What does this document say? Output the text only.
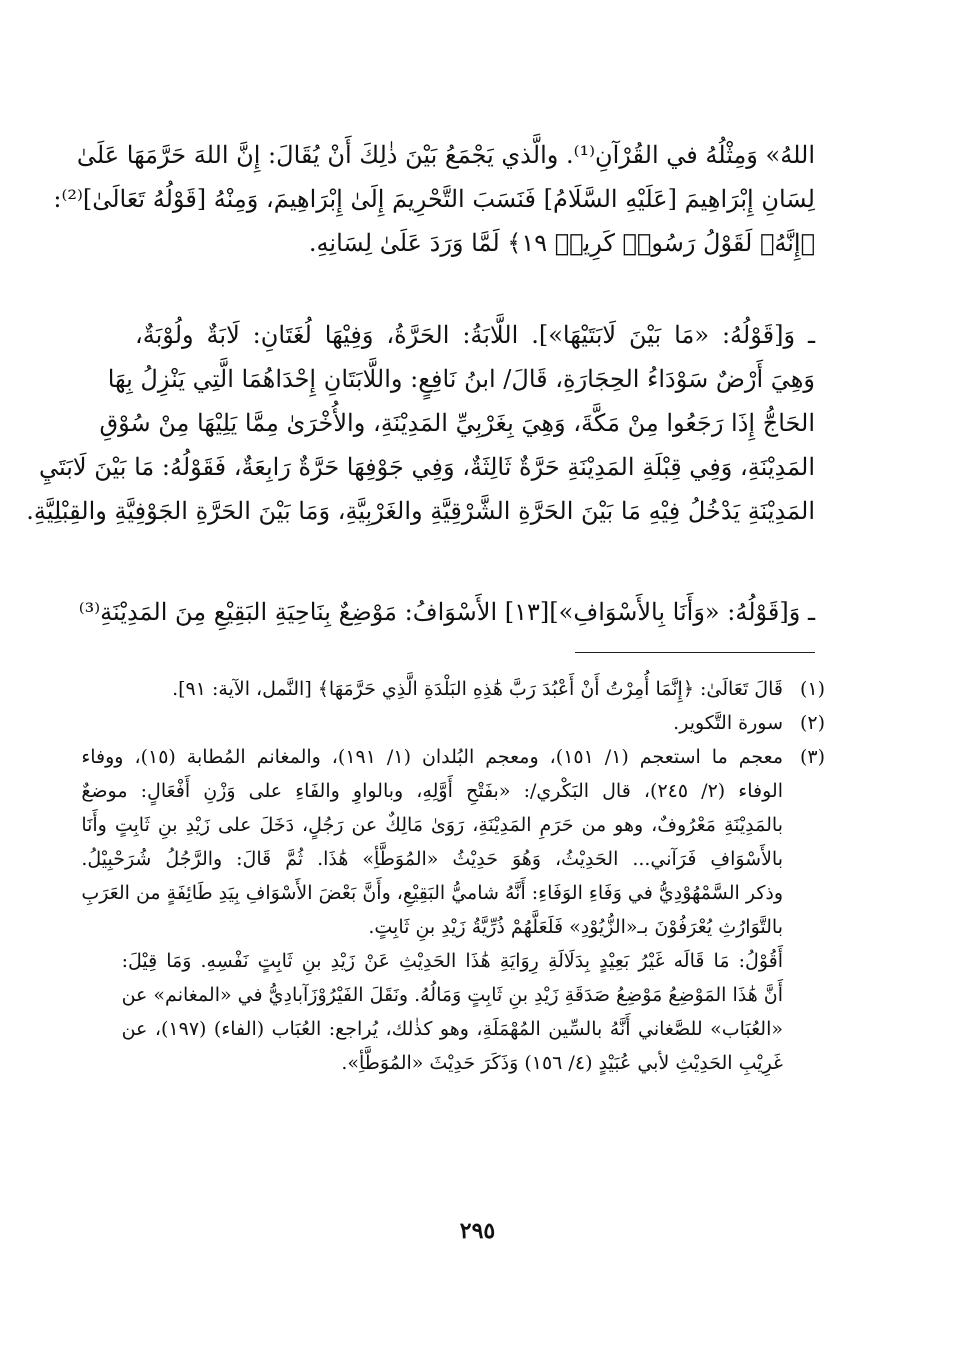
اللهُ» وَمِثْلُهُ في القُرْآنِ⁽¹⁾. والَّذي يَجْمَعُ بَيْنَ ذٰلِكَ أَنْ يُقَالَ: إِنَّ اللهَ حَرَّمَهَا عَلَىٰ
لِسَانِ إِبْرَاهِيمَ [عَلَيْهِ السَّلَامُ] فَنَسَبَ التَّحْرِيمَ إِلَىٰ إِبْرَاهِيمَ، وَمِنْهُ [قَوْلُهُ تَعَالَىٰ]⁽²⁾:
﴿إِنَّهُۥ لَقَوْلُ رَسُولٖ كَرِيمٖ ١٩﴾ لَمَّا وَرَدَ عَلَىٰ لِسَانِهِ.
ـ وَ[قَوْلُهُ: «مَا بَيْنَ لَابَتَيْهَا»]. اللَّابَةُ: الحَرَّةُ، وَفِيْهَا لُغَتَانِ: لَابَةٌ ولُوْبَةٌ،
وَهِيَ أَرْضٌ سَوْدَاءُ الحِجَارَةِ، قَالَ/ ابنُ نَافِعٍ: واللَّابَتَانِ إِحْدَاهُمَا الَّتِي يَنْزِلُ بِهَا
الحَاجُّ إِذَا رَجَعُوا مِنْ مَكَّةَ، وَهِيَ بِغَرْبِيِّ المَدِيْنَةِ، والأُخْرَىٰ مِمَّا يَلِيْهَا مِنْ سُوْقِ
المَدِيْنَةِ، وَفِي قِبْلَةِ المَدِيْنَةِ حَرَّةٌ ثَالِثَةٌ، وَفِي جَوْفِهَا حَرَّةٌ رَابِعَةٌ، فَقَوْلُهُ: مَا بَيْنَ لَابَتَيِ
المَدِيْنَةِ يَدْخُلُ فِيْهِ مَا بَيْنَ الحَرَّةِ الشَّرْقِيَّةِ والغَرْبِيَّةِ، وَمَا بَيْنَ الحَرَّةِ الجَوْفِيَّةِ والقِبْلِيَّةِ.
ـ وَ[قَوْلُهُ: «وَأَنَا بِالأَسْوَافِ»][١٣] الأَسْوَافُ: مَوْضِعٌ بِنَاحِيَةِ البَقِيْعِ مِنَ المَدِيْنَةِ⁽³⁾
(١)
قَالَ تَعَالَىٰ: ﴿إِنَّمَا أُمِرْتُ أَنْ أَعْبُدَ رَبَّ هَٰذِهِ البَلْدَةِ الَّذِي حَرَّمَهَا﴾ [النَّمل، الآية: ٩١].
(٢)
سورة التَّكوير.
(٣)
معجم ما استعجم (١/ ١٥١)، ومعجم البُلدان (١/ ١٩١)، والمغانم المُطابة (١٥)، ووفاء
الوفاء (٢/ ٢٤٥)، قال البَكْري/: «بفَتْحِ أَوَّلِهِ، وبالواوِ والفَاءِ على وَزْنِ أَفْعَالٍ: موضعٌ
بالمَدِيْنَةِ مَعْرُوفٌ، وهو من حَرَمِ المَدِيْنَةِ، رَوَىٰ مَالِكٌ عن رَجُلٍ، دَخَلَ على زَيْدِ بنِ ثَابِتٍ وأَنَا
بالأَسْوَافِ فَرَآني... الحَدِيْثُ، وَهُوَ حَدِيْثُ «المُوَطَّأِ» هَٰذَا. ثُمَّ قَالَ: والرَّجُلُ شُرَحْبِيْلُ.
وذكر السَّمْهُوْدِيُّ في وَفَاءِ الوَفَاءِ: أَنَّهُ شاميُّ البَقِيْعِ، وأَنَّ بَعْضَ الأَسْوَافِ بِيَدِ طَائِفَةٍ من العَرَبِ
بالتَّوَارُثِ يُعْرَفُوْنَ بـ«الزُّيُوْدِ» فَلَعَلَّهُمْ ذُرِّيَّةُ زَيْدِ بنِ ثَابِتٍ.
أَقُوْلُ: مَا قَالَه غَيْرُ بَعِيْدٍ بِدَلَالَةِ رِوَايَةِ هَٰذَا الحَدِيْثِ عَنْ زَيْدِ بنِ ثَابِتٍ نَفْسِهِ. وَمَا قِيْلَ:
أَنَّ هَٰذَا المَوْضِعُ مَوْضِعُ صَدَقَةِ زَيْدِ بنِ ثَابِتٍ وَمَالُهُ. ونَقَلَ الفَيْرُوْزَآبادِيُّ في «المغانم» عن
«العُبَاب» للصَّغاني أَنَّهُ بالسِّين المُهْمَلَةِ، وهو كذٰلك، يُراجع: العُبَاب (الفاء) (١٩٧)، عن
غَرِيْبِ الحَدِيْثِ لأبي عُبَيْدٍ (٤/ ١٥٦) وَذَكَرَ حَدِيْثَ «المُوَطَّأِ».
٢٩٥
